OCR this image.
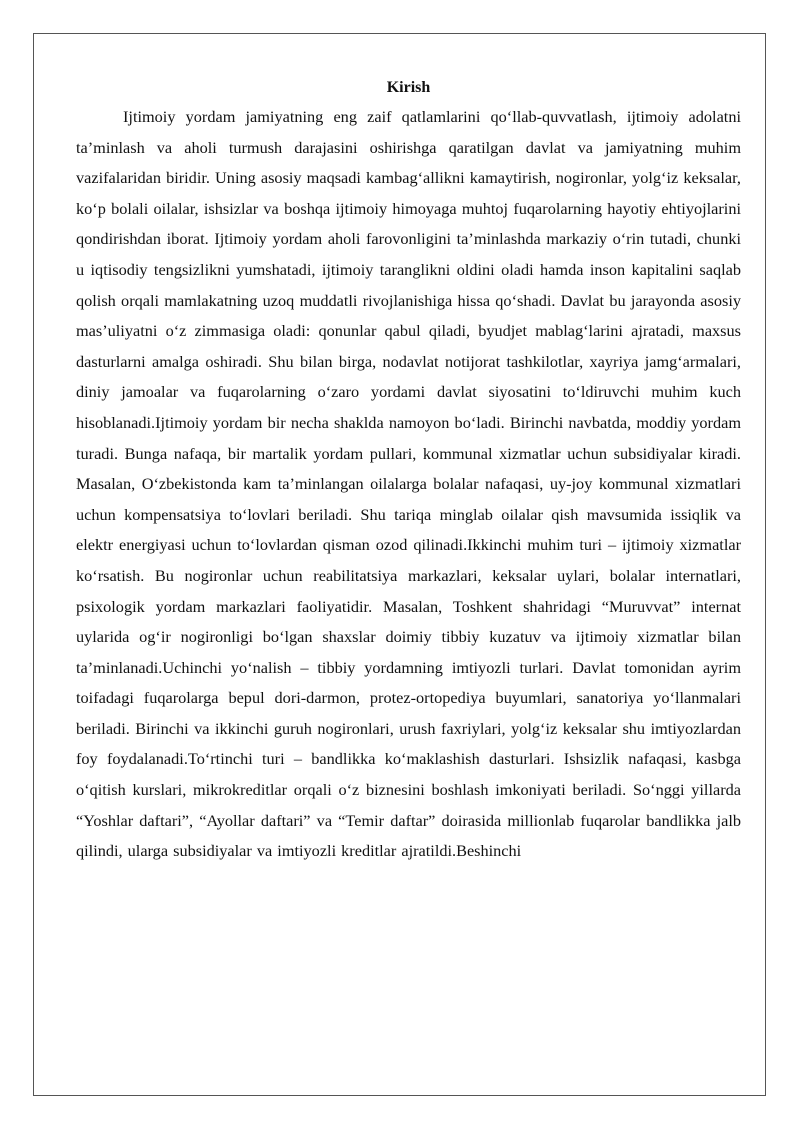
Kirish

Ijtimoiy yordam jamiyatning eng zaif qatlamlarini qo‘llab-quvvatlash, ijtimoiy adolatni ta’minlash va aholi turmush darajasini oshirishga qaratilgan davlat va jamiyatning muhim vazifalaridan biridir. Uning asosiy maqsadi kambag‘allikni kamaytirish, nogironlar, yolg‘iz keksalar, ko‘p bolali oilalar, ishsizlar va boshqa ijtimoiy himoyaga muhtoj fuqarolarning hayotiy ehtiyojlarini qondirishdan iborat. Ijtimoiy yordam aholi farovonligini ta’minlashda markaziy o‘rin tutadi, chunki u iqtisodiy tengsizlikni yumshatadi, ijtimoiy taranglikni oldini oladi hamda inson kapitalini saqlab qolish orqali mamlakatning uzoq muddatli rivojlanishiga hissa qo‘shadi. Davlat bu jarayonda asosiy mas’uliyatni o‘z zimmasiga oladi: qonunlar qabul qiladi, byudjet mablag‘larini ajratadi, maxsus dasturlarni amalga oshiradi. Shu bilan birga, nodavlat notijorat tashkilotlar, xayriya jamg‘armalari, diniy jamoalar va fuqarolarning o‘zaro yordami davlat siyosatini to‘ldiruvchi muhim kuch hisoblanadi.Ijtimoiy yordam bir necha shaklda namoyon bo‘ladi. Birinchi navbatda, moddiy yordam turadi. Bunga nafaqa, bir martalik yordam pullari, kommunal xizmatlar uchun subsidiyalar kiradi. Masalan, O‘zbekistonda kam ta’minlangan oilalarga bolalar nafaqasi, uy-joy kommunal xizmatlari uchun kompensatsiya to‘lovlari beriladi. Shu tariqa minglab oilalar qish mavsumida issiqlik va elektr energiyasi uchun to‘lovlardan qisman ozod qilinadi.Ikkinchi muhim turi – ijtimoiy xizmatlar ko‘rsatish. Bu nogironlar uchun reabilitatsiya markazlari, keksalar uylari, bolalar internatlari, psixologik yordam markazlari faoliyatidir. Masalan, Toshkent shahridagi “Muruvvat” internat uylarida og‘ir nogironligi bo‘lgan shaxslar doimiy tibbiy kuzatuv va ijtimoiy xizmatlar bilan ta’minlanadi.Uchinchi yo‘nalish – tibbiy yordamning imtiyozli turlari. Davlat tomonidan ayrim toifadagi fuqarolarga bepul dori-darmon, protez-ortopediya buyumlari, sanatoriya yo‘llanmalari beriladi. Birinchi va ikkinchi guruh nogironlari, urush faxriylari, yolg‘iz keksalar shu imtiyozlardan foy foydalanadi.To‘rtinchi turi – bandlikka ko‘maklashish dasturlari. Ishsizlik nafaqasi, kasbga o‘qitish kurslari, mikrokreditlar orqali o‘z biznesini boshlash imkoniyati beriladi. So‘nggi yillarda “Yoshlar daftari”, “Ayollar daftari” va “Temir daftar” doirasida millionlab fuqarolar bandlikka jalb qilindi, ularga subsidiyalar va imtiyozli kreditlar ajratildi.Beshinchi
